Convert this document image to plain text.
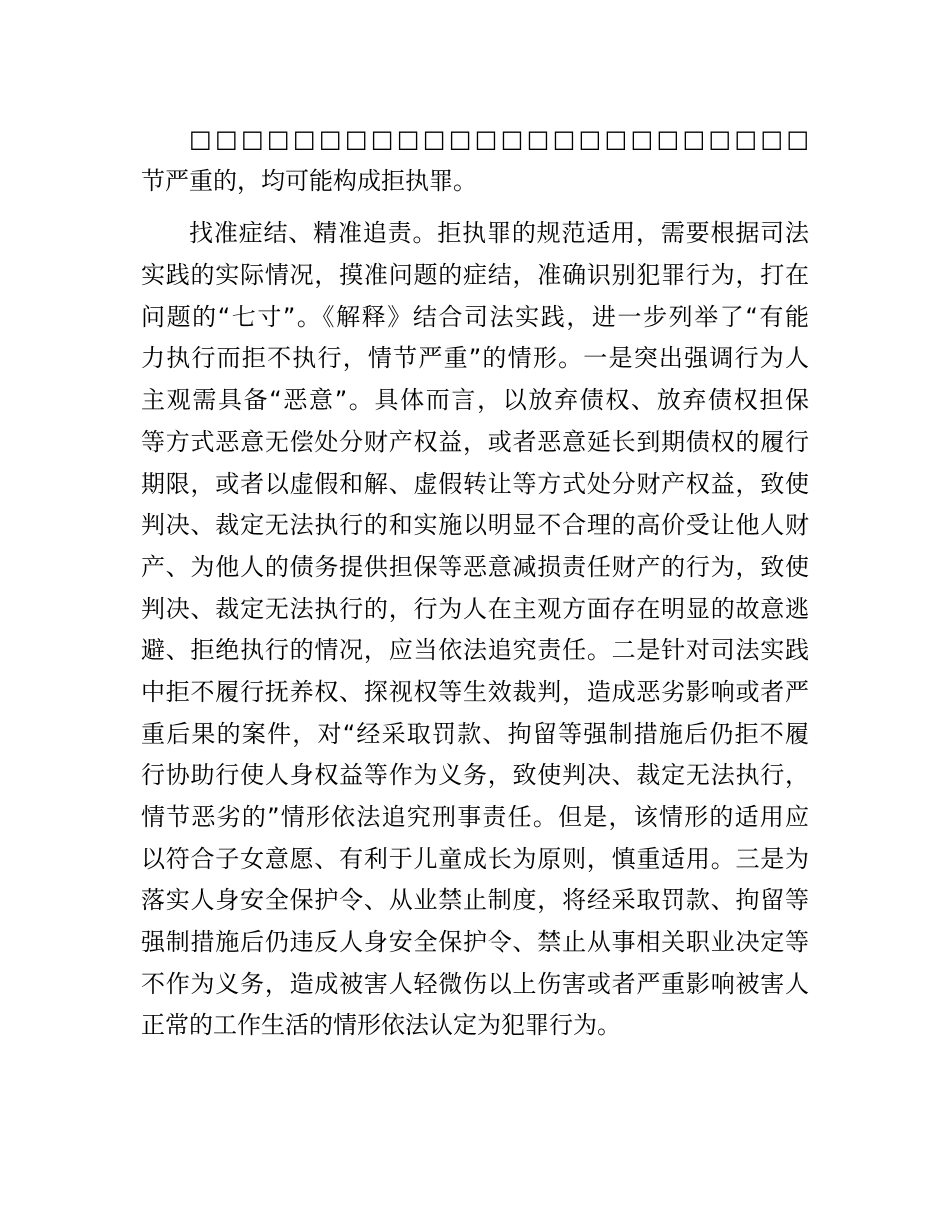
□□□□□□□□□□□□□□□□□□□□□□□□
节严重的，均可能构成拒执罪。
找准症结、精准追责。拒执罪的规范适用，需要根据司法
实践的实际情况，摸准问题的症结，准确识别犯罪行为，打在
问题的“七寸”。《解释》结合司法实践，进一步列举了“有能
力执行而拒不执行，情节严重”的情形。一是突出强调行为人
主观需具备“恶意”。具体而言，以放弃债权、放弃债权担保
等方式恶意无偿处分财产权益，或者恶意延长到期债权的履行
期限，或者以虚假和解、虚假转让等方式处分财产权益，致使
判决、裁定无法执行的和实施以明显不合理的高价受让他人财
产、为他人的债务提供担保等恶意减损责任财产的行为，致使
判决、裁定无法执行的，行为人在主观方面存在明显的故意逃
避、拒绝执行的情况，应当依法追究责任。二是针对司法实践
中拒不履行抚养权、探视权等生效裁判，造成恶劣影响或者严
重后果的案件，对“经采取罚款、拘留等强制措施后仍拒不履
行协助行使人身权益等作为义务，致使判决、裁定无法执行，
情节恶劣的”情形依法追究刑事责任。但是，该情形的适用应
以符合子女意愿、有利于儿童成长为原则，慎重适用。三是为
落实人身安全保护令、从业禁止制度，将经采取罚款、拘留等
强制措施后仍违反人身安全保护令、禁止从事相关职业决定等
不作为义务，造成被害人轻微伤以上伤害或者严重影响被害人
正常的工作生活的情形依法认定为犯罪行为。
